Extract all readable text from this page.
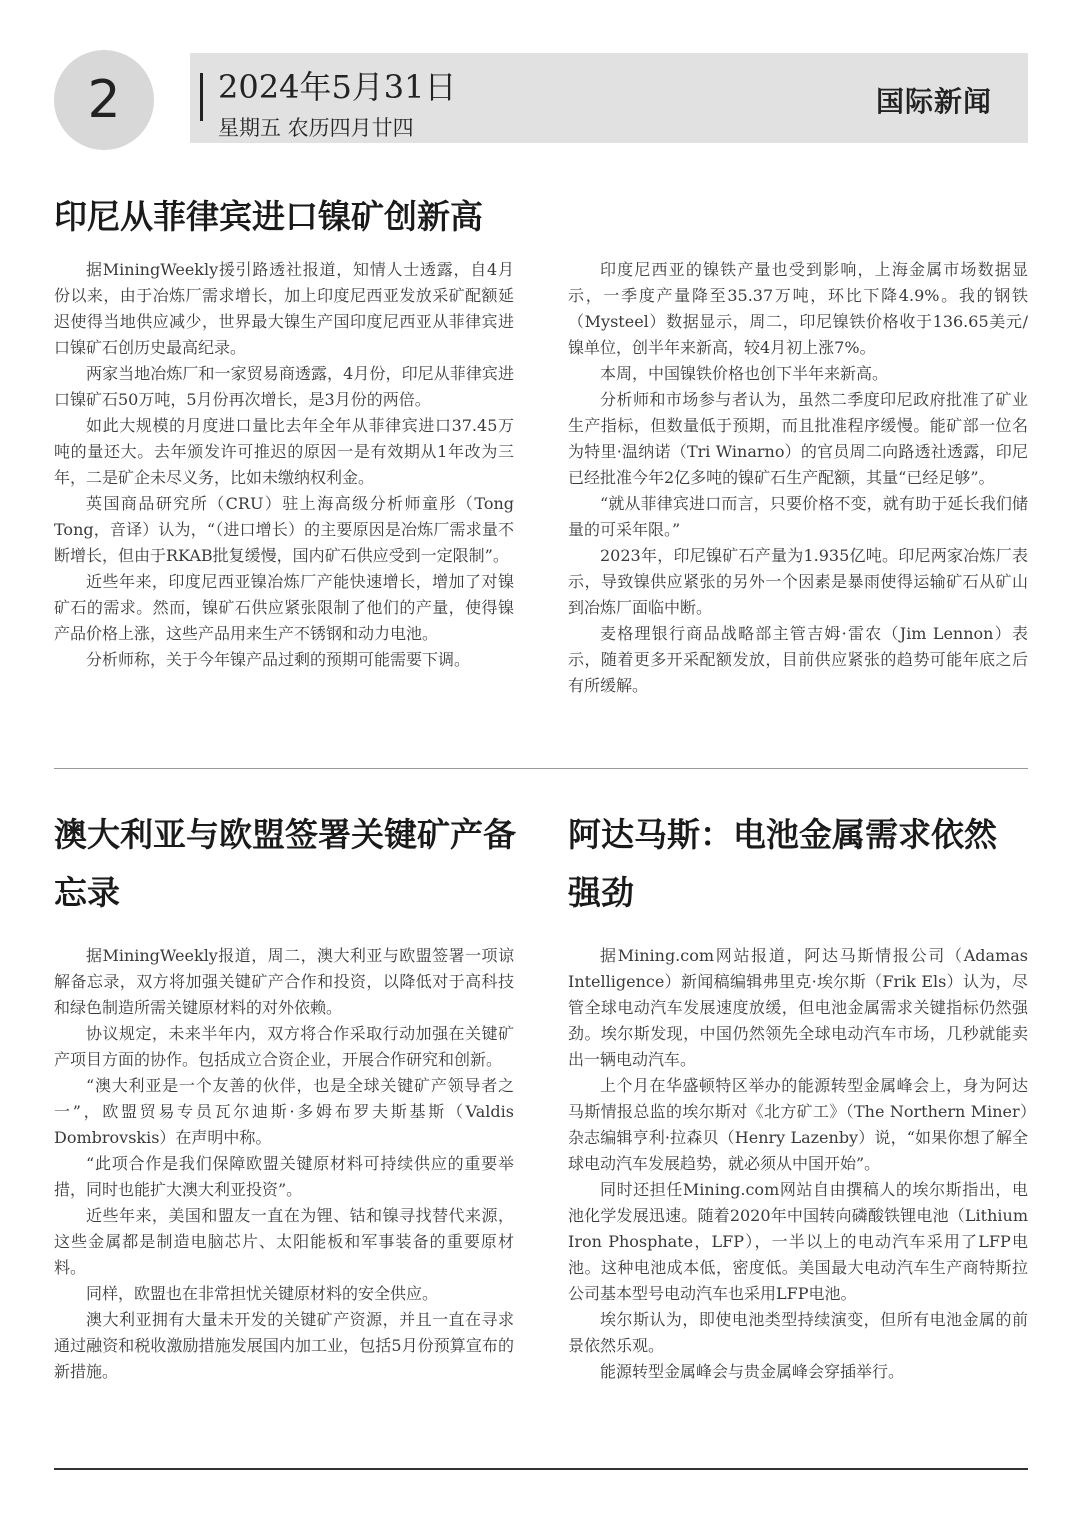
2	2024年5月31日
星期五 农历四月廿四
国际新闻
印尼从菲律宾进口镍矿创新高

据MiningWeekly援引路透社报道，知情人士透露，自4月份以来，由于冶炼厂需求增长，加上印度尼西亚发放采矿配额延迟使得当地供应减少，世界最大镍生产国印度尼西亚从菲律宾进口镍矿石创历史最高纪录。

两家当地冶炼厂和一家贸易商透露，4月份，印尼从菲律宾进口镍矿石50万吨，5月份再次增长，是3月份的两倍。

如此大规模的月度进口量比去年全年从菲律宾进口37.45万吨的量还大。去年颁发许可推迟的原因一是有效期从1年改为三年，二是矿企未尽义务，比如未缴纳权利金。

英国商品研究所（CRU）驻上海高级分析师童彤（Tong Tong，音译）认为，“（进口增长）的主要原因是冶炼厂需求量不断增长，但由于RKAB批复缓慢，国内矿石供应受到一定限制”。

近些年来，印度尼西亚镍冶炼厂产能快速增长，增加了对镍矿石的需求。然而，镍矿石供应紧张限制了他们的产量，使得镍产品价格上涨，这些产品用来生产不锈钢和动力电池。

分析师称，关于今年镍产品过剩的预期可能需要下调。

印度尼西亚的镍铁产量也受到影响，上海金属市场数据显示，一季度产量降至35.37万吨，环比下降4.9%。我的钢铁（Mysteel）数据显示，周二，印尼镍铁价格收于136.65美元/镍单位，创半年来新高，较4月初上涨7%。

本周，中国镍铁价格也创下半年来新高。

分析师和市场参与者认为，虽然二季度印尼政府批准了矿业生产指标，但数量低于预期，而且批准程序缓慢。能矿部一位名为特里·温纳诺（Tri Winarno）的官员周二向路透社透露，印尼已经批准今年2亿多吨的镍矿石生产配额，其量“已经足够”。

“就从菲律宾进口而言，只要价格不变，就有助于延长我们储量的可采年限。”

2023年，印尼镍矿石产量为1.935亿吨。印尼两家冶炼厂表示，导致镍供应紧张的另外一个因素是暴雨使得运输矿石从矿山到冶炼厂面临中断。

麦格理银行商品战略部主管吉姆·雷农（Jim Lennon）表示，随着更多开采配额发放，目前供应紧张的趋势可能年底之后有所缓解。

澳大利亚与欧盟签署关键矿产备忘录

据MiningWeekly报道，周二，澳大利亚与欧盟签署一项谅解备忘录，双方将加强关键矿产合作和投资，以降低对于高科技和绿色制造所需关键原材料的对外依赖。

协议规定，未来半年内，双方将合作采取行动加强在关键矿产项目方面的协作。包括成立合资企业，开展合作研究和创新。

“澳大利亚是一个友善的伙伴，也是全球关键矿产领导者之一”，欧盟贸易专员瓦尔迪斯·多姆布罗夫斯基斯（Valdis Dombrovskis）在声明中称。

“此项合作是我们保障欧盟关键原材料可持续供应的重要举措，同时也能扩大澳大利亚投资”。

近些年来，美国和盟友一直在为锂、钴和镍寻找替代来源，这些金属都是制造电脑芯片、太阳能板和军事装备的重要原材料。

同样，欧盟也在非常担忧关键原材料的安全供应。

澳大利亚拥有大量未开发的关键矿产资源，并且一直在寻求通过融资和税收激励措施发展国内加工业，包括5月份预算宣布的新措施。

阿达马斯：电池金属需求依然强劲

据Mining.com网站报道，阿达马斯情报公司（Adamas Intelligence）新闻稿编辑弗里克·埃尔斯（Frik Els）认为，尽管全球电动汽车发展速度放缓，但电池金属需求关键指标仍然强劲。埃尔斯发现，中国仍然领先全球电动汽车市场，几秒就能卖出一辆电动汽车。

上个月在华盛顿特区举办的能源转型金属峰会上，身为阿达马斯情报总监的埃尔斯对《北方矿工》（The Northern Miner）杂志编辑亨利·拉森贝（Henry Lazenby）说，“如果你想了解全球电动汽车发展趋势，就必须从中国开始”。

同时还担任Mining.com网站自由撰稿人的埃尔斯指出，电池化学发展迅速。随着2020年中国转向磷酸铁锂电池（Lithium Iron Phosphate，LFP），一半以上的电动汽车采用了LFP电池。这种电池成本低，密度低。美国最大电动汽车生产商特斯拉公司基本型号电动汽车也采用LFP电池。

埃尔斯认为，即使电池类型持续演变，但所有电池金属的前景依然乐观。

能源转型金属峰会与贵金属峰会穿插举行。
